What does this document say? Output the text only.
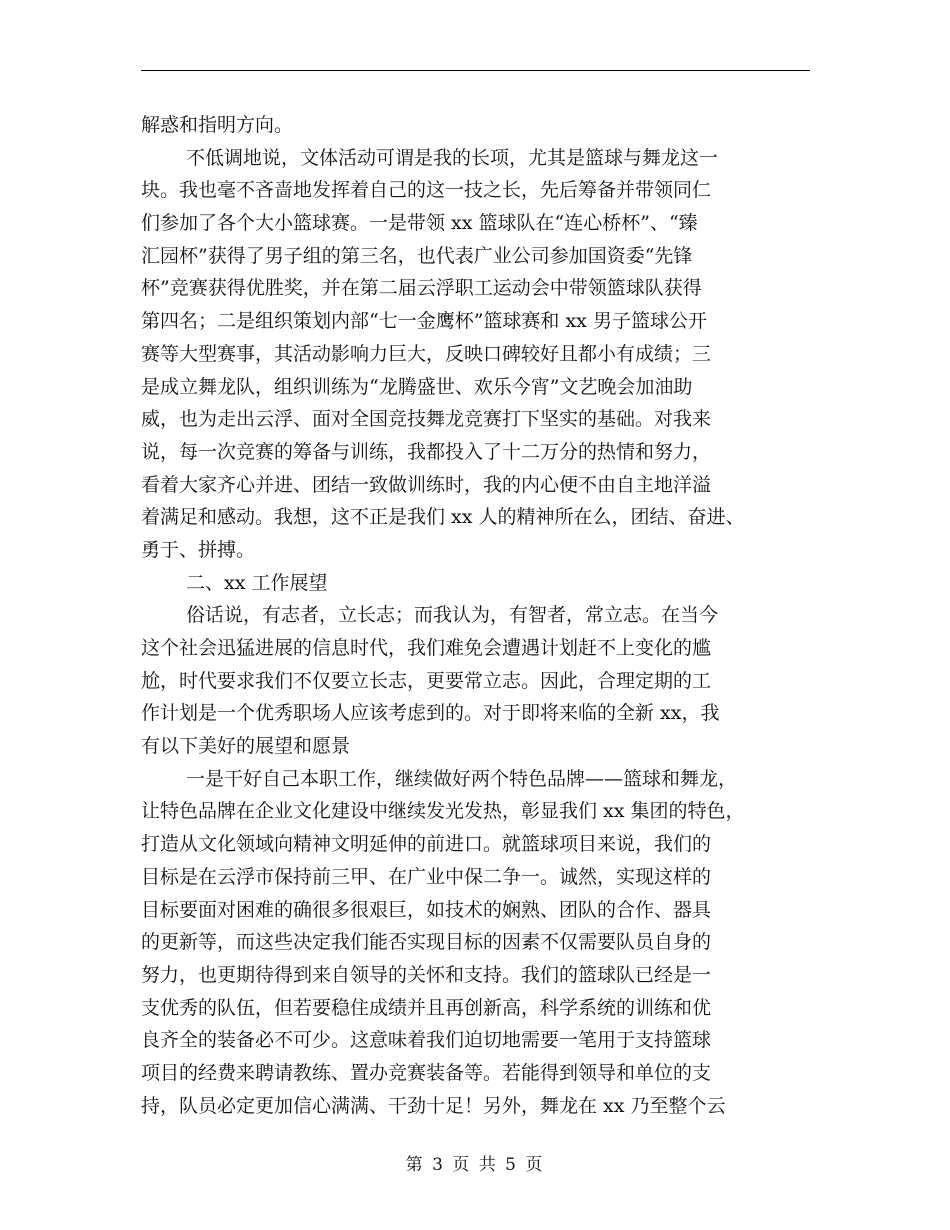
解惑和指明方向。
不低调地说，文体活动可谓是我的长项，尤其是篮球与舞龙这一
块。我也毫不吝啬地发挥着自己的这一技之长，先后筹备并带领同仁
们参加了各个大小篮球赛。一是带领 xx 篮球队在“连心桥杯”、“臻
汇园杯”获得了男子组的第三名，也代表广业公司参加国资委“先锋
杯”竞赛获得优胜奖，并在第二届云浮职工运动会中带领篮球队获得
第四名；二是组织策划内部“七一金鹰杯”篮球赛和 xx 男子篮球公开
赛等大型赛事，其活动影响力巨大，反映口碑较好且都小有成绩；三
是成立舞龙队，组织训练为“龙腾盛世、欢乐今宵”文艺晚会加油助
威，也为走出云浮、面对全国竞技舞龙竞赛打下坚实的基础。对我来
说，每一次竞赛的筹备与训练，我都投入了十二万分的热情和努力，
看着大家齐心并进、团结一致做训练时，我的内心便不由自主地洋溢
着满足和感动。我想，这不正是我们 xx 人的精神所在么，团结、奋进、
勇于、拼搏。
二、xx 工作展望
俗话说，有志者，立长志；而我认为，有智者，常立志。在当今
这个社会迅猛进展的信息时代，我们难免会遭遇计划赶不上变化的尴
尬，时代要求我们不仅要立长志，更要常立志。因此，合理定期的工
作计划是一个优秀职场人应该考虑到的。对于即将来临的全新 xx，我
有以下美好的展望和愿景
一是干好自己本职工作，继续做好两个特色品牌——篮球和舞龙，
让特色品牌在企业文化建设中继续发光发热，彰显我们 xx 集团的特色，
打造从文化领域向精神文明延伸的前进口。就篮球项目来说，我们的
目标是在云浮市保持前三甲、在广业中保二争一。诚然，实现这样的
目标要面对困难的确很多很艰巨，如技术的娴熟、团队的合作、器具
的更新等，而这些决定我们能否实现目标的因素不仅需要队员自身的
努力，也更期待得到来自领导的关怀和支持。我们的篮球队已经是一
支优秀的队伍，但若要稳住成绩并且再创新高，科学系统的训练和优
良齐全的装备必不可少。这意味着我们迫切地需要一笔用于支持篮球
项目的经费来聘请教练、置办竞赛装备等。若能得到领导和单位的支
持，队员必定更加信心满满、干劲十足！另外，舞龙在 xx 乃至整个云
第 3 页 共 5 页
